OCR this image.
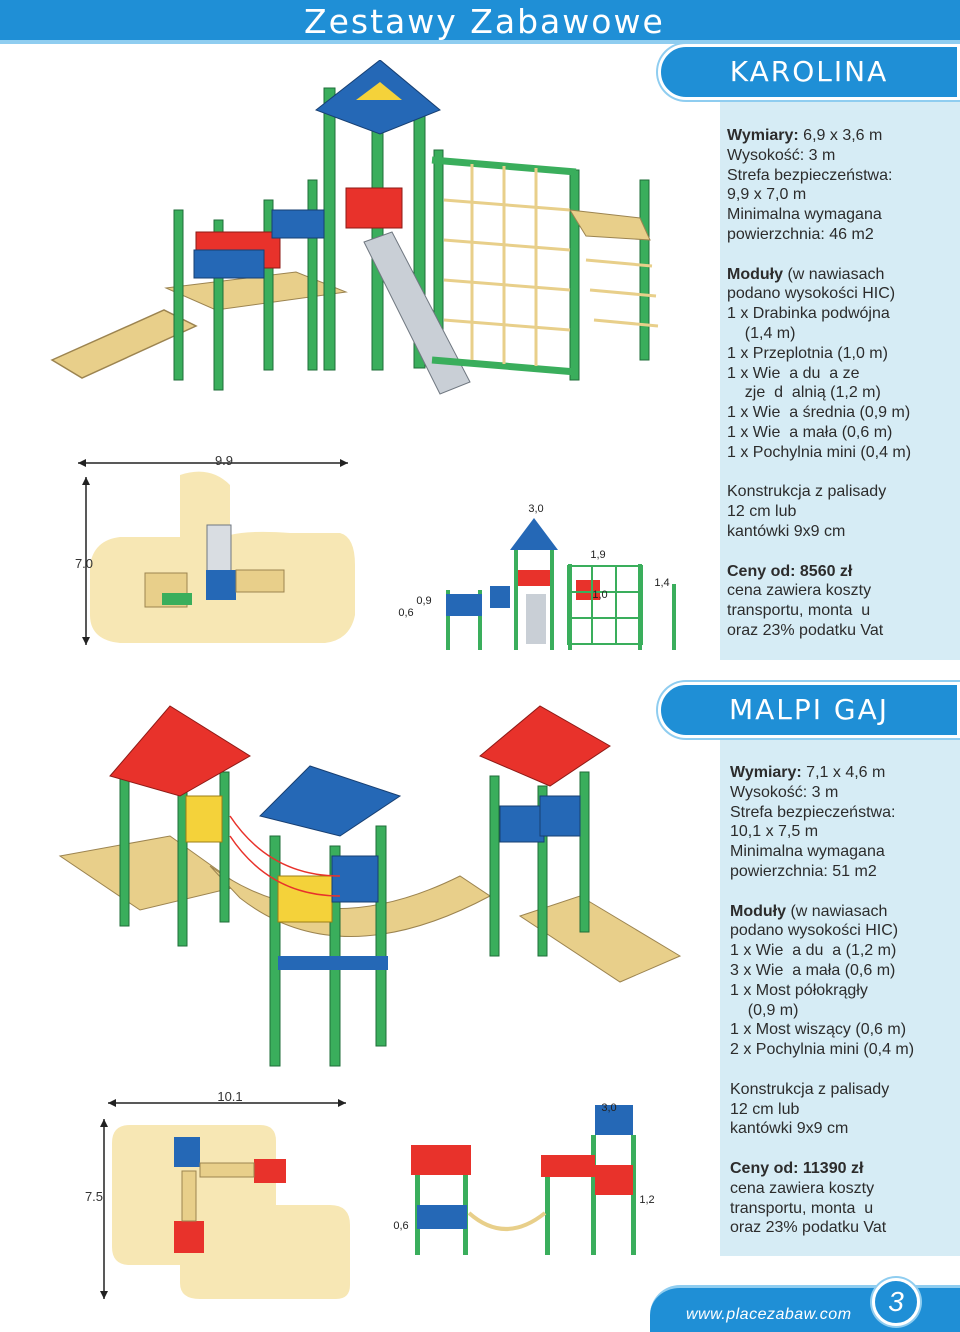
Zestawy Zabawowe
KAROLINA
MALPI GAJ

Wymiary: 6,9 x 3,6 m

Wysokość: 3 m

Strefa bezpieczeństwa:

9,9 x 7,0 m

Minimalna wymagana

powierzchnia: 46 m2

Moduły (w nawiasach

podano wysokości HIC)

1 x Drabinka podwójna

(1,4 m)

1 x Przeplotnia (1,0 m)

1 x Wie  a du  a ze

zje  d  alnią (1,2 m)

1 x Wie  a średnia (0,9 m)

1 x Wie  a mała (0,6 m)

1 x Pochylnia mini (0,4 m)

Konstrukcja z palisady

12 cm lub

kantówki 9x9 cm

Ceny od: 8560 zł

cena zawiera koszty

transportu, monta  u

oraz 23% podatku Vat

Wymiary: 7,1 x 4,6 m

Wysokość: 3 m

Strefa bezpieczeństwa:

10,1 x 7,5 m

Minimalna wymagana

powierzchnia: 51 m2

Moduły (w nawiasach

podano wysokości HIC)

1 x Wie  a du  a (1,2 m)

3 x Wie  a mała (0,6 m)

1 x Most półokrągły

(0,9 m)

1 x Most wiszący (0,6 m)

2 x Pochylnia mini (0,4 m)

Konstrukcja z palisady

12 cm lub

kantówki 9x9 cm

Ceny od: 11390 zł

cena zawiera koszty

transportu, monta  u

oraz 23% podatku Vat

9.9
7.0
3,0
1,9
1,4
1,0
0,9
0,6
10.1
7.5
3,0
1,2
0,6
www.placezabaw.com	3
